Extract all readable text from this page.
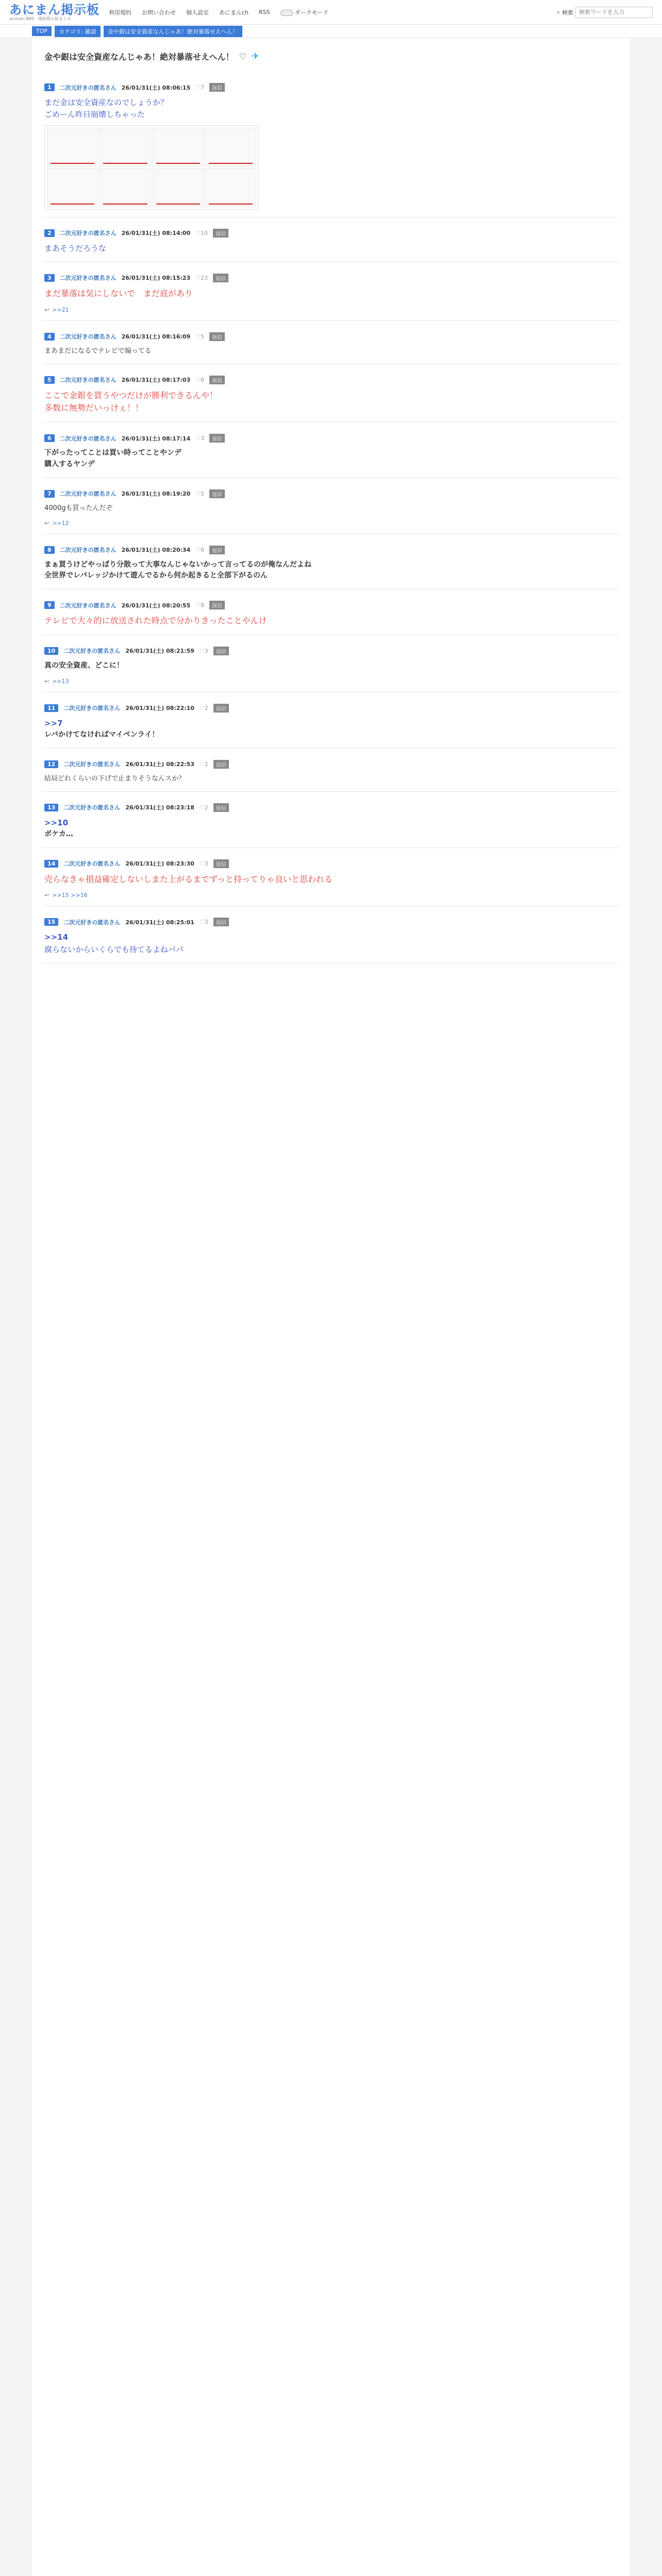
あにまん掲示板
animan BBS · 漫画掲示板まとめ
利用規約 お問い合わせ 個人設定 あにまんch RSS	ダークモード	⌕ 検索
検索ワードを入力
TOP	カテゴリ: 雑談	金や銀は安全資産なんじゃあ！絶対暴落せえへん！
金や銀は安全資産なんじゃあ！絶対暴落せえへん！ ♡ ✈
1	二次元好きの匿名さん 26/01/31(土) 08:06:15 ♡7	返信
まだ金は安全資産なのでしょうか？
ごめーん昨日崩壊しちゃった
2	二次元好きの匿名さん 26/01/31(土) 08:14:00 ♡10	返信
まあそうだろうな
3	二次元好きの匿名さん 26/01/31(土) 08:15:23 ♡23	返信
まだ暴落は気にしないで　まだ底があり
↩ >>21
4	二次元好きの匿名さん 26/01/31(土) 08:16:09 ♡5	返信
まあまだになるでテレビで煽ってる
5	二次元好きの匿名さん 26/01/31(土) 08:17:03 ♡6	返信
ここで金銀を買うやつだけが勝利できるんや！
多数に無勢だいっけぇ！！
6	二次元好きの匿名さん 26/01/31(土) 08:17:14 ♡3	返信
下がったってことは買い時ってことやンデ
購入するヤンデ
7	二次元好きの匿名さん 26/01/31(土) 08:19:20 ♡5	返信
4000gも買ったんだぞ
↩ >>12
8	二次元好きの匿名さん 26/01/31(土) 08:20:34 ♡6	返信
まぁ買うけどやっぱり分散って大事なんじゃないかって言ってるのが俺なんだよね
全世界でレバレッジかけて遊んでるから何か起きると全部下がるのん
9	二次元好きの匿名さん 26/01/31(土) 08:20:55 ♡8	返信
テレビで大々的に放送された時点で分かりきったことやんけ
10	二次元好きの匿名さん 26/01/31(土) 08:21:59 ♡3	返信
真の安全資産、どこに！
↩ >>13
11	二次元好きの匿名さん 26/01/31(土) 08:22:10 ♡2	返信
>>7
レバかけてなければマイペンライ！
12	二次元好きの匿名さん 26/01/31(土) 08:22:53 ♡2	返信
結局どれくらいの下げで止まりそうなんスか？
13	二次元好きの匿名さん 26/01/31(土) 08:23:18 ♡2	返信
>>10
ボケカ…
14	二次元好きの匿名さん 26/01/31(土) 08:23:30 ♡3	返信
売らなきゃ損益確定しないしまた上がるまでずっと持ってりゃ良いと思われる
↩ >>15 >>16
15	二次元好きの匿名さん 26/01/31(土) 08:25:01 ♡3	返信
>>14
腐らないからいくらでも待てるよねパパ
